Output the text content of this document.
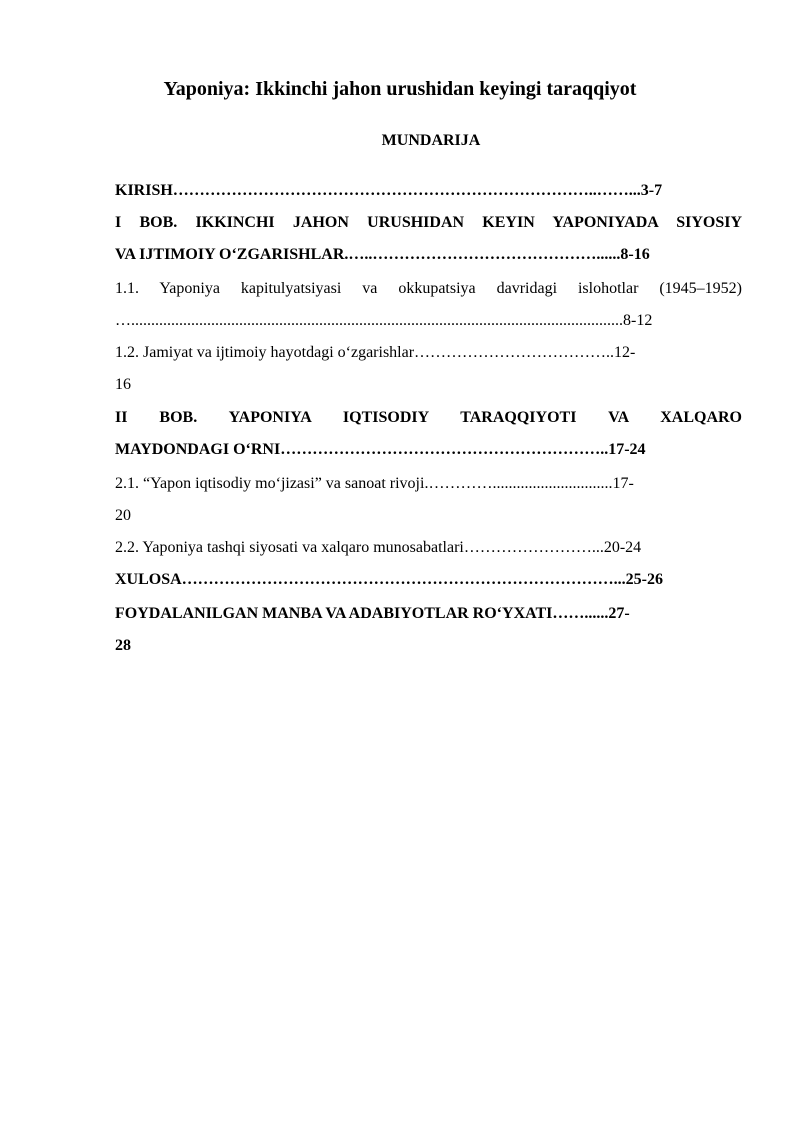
Yaponiya: Ikkinchi jahon urushidan keyingi taraqqiyot
MUNDARIJA
KIRISH……………………………………………………………………..……...3-7
I BOB. IKKINCHI JAHON URUSHIDAN KEYIN YAPONIYADA SIYOSIY
VA IJTIMOIY O‘ZGARISHLAR.…..……………………………………......8-16
1.1. Yaponiya kapitulyatsiyasi va okkupatsiya davridagi islohotlar (1945–1952)
…...........................................................................................................................8-12
1.2. Jamiyat va ijtimoiy hayotdagi o‘zgarishlar………………………………..12-
16
II BOB. YAPONIYA IQTISODIY TARAQQIYOTI VA XALQARO
MAYDONDAGI O‘RNI……………………………………………………..17-24
2.1. “Yapon iqtisodiy mo‘jizasi” va sanoat rivoji.…………..............................17-
20
2.2. Yaponiya tashqi siyosati va xalqaro munosabatlari……………………...20-24
XULOSA………………………………………………………………………...25-26
FOYDALANILGAN MANBA VA ADABIYOTLAR RO‘YXATI……......27-
28
